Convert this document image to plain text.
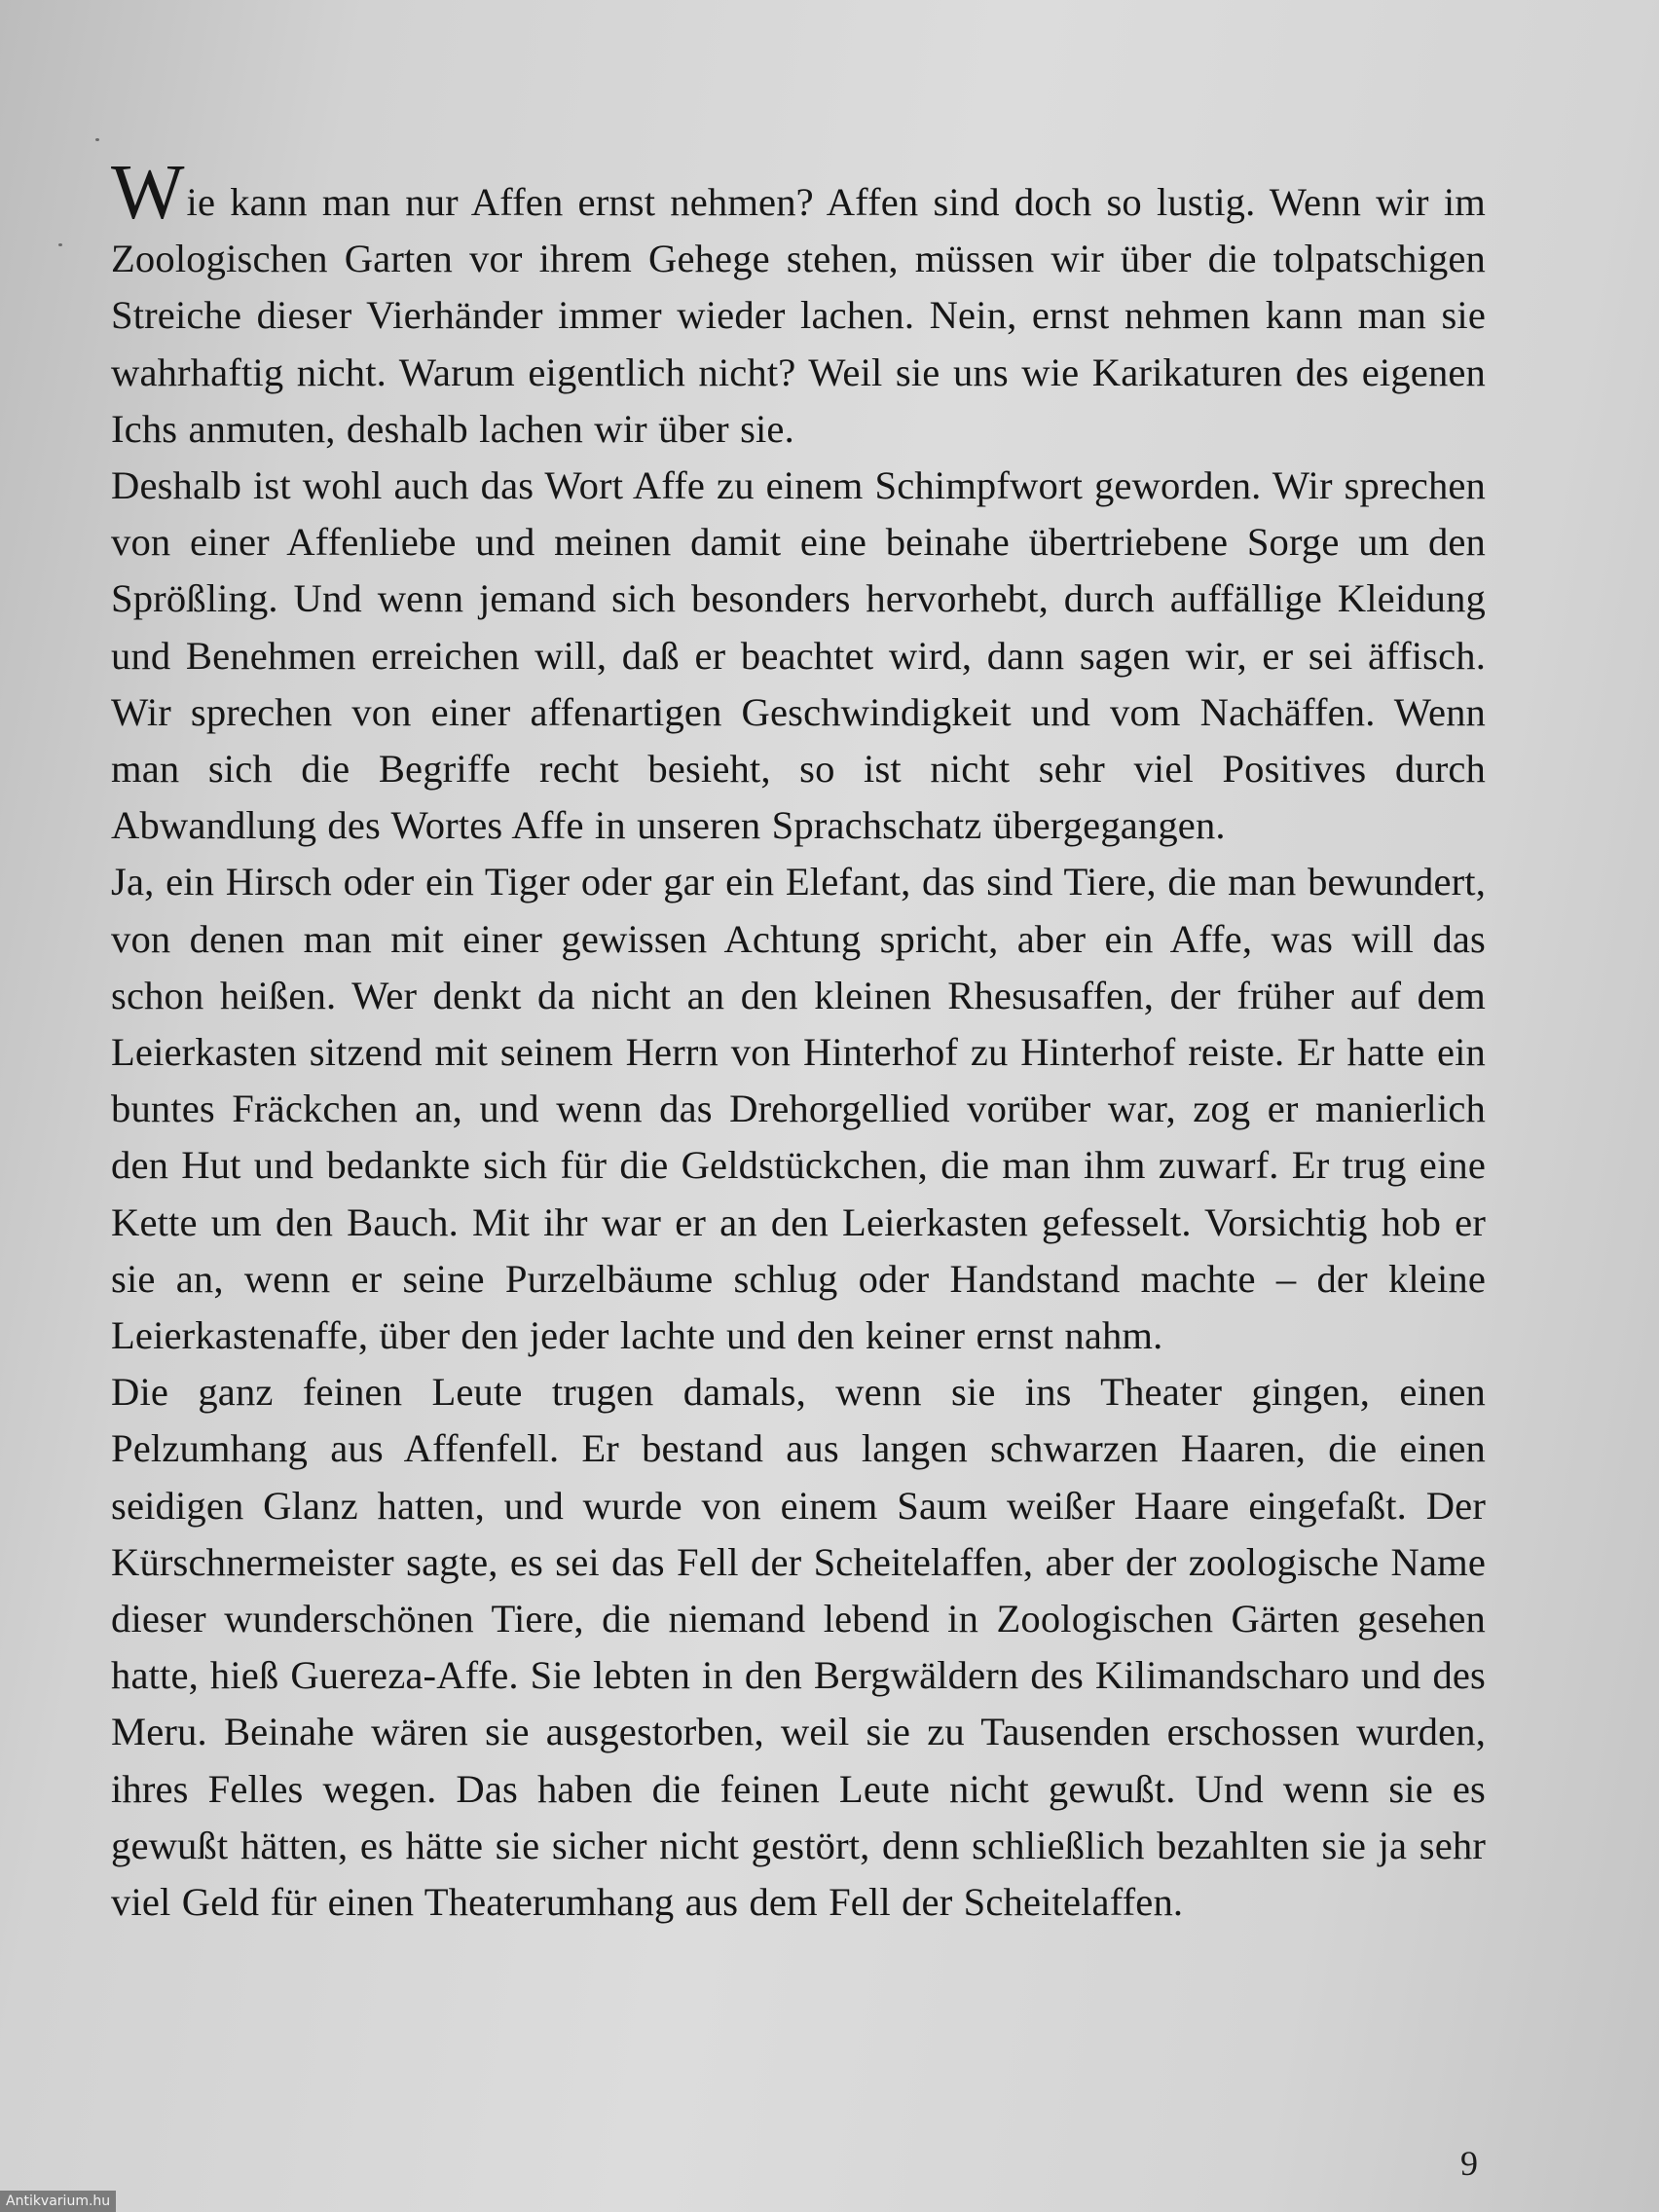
Wie kann man nur Affen ernst nehmen? Affen sind doch so lustig. Wenn wir im Zoologischen Garten vor ihrem Gehege stehen, müssen wir über die tolpatschigen Streiche dieser Vierhänder immer wieder lachen. Nein, ernst nehmen kann man sie wahrhaftig nicht. Warum eigentlich nicht? Weil sie uns wie Karikaturen des eigenen Ichs anmuten, deshalb lachen wir über sie.

Deshalb ist wohl auch das Wort Affe zu einem Schimpfwort geworden. Wir sprechen von einer Affenliebe und meinen damit eine beinahe übertriebene Sorge um den Sprößling. Und wenn jemand sich besonders hervorhebt, durch auffällige Kleidung und Benehmen erreichen will, daß er beachtet wird, dann sagen wir, er sei äffisch. Wir sprechen von einer affenartigen Geschwindigkeit und vom Nachäffen. Wenn man sich die Begriffe recht besieht, so ist nicht sehr viel Positives durch Abwandlung des Wortes Affe in unseren Sprachschatz übergegangen.

Ja, ein Hirsch oder ein Tiger oder gar ein Elefant, das sind Tiere, die man bewundert, von denen man mit einer gewissen Achtung spricht, aber ein Affe, was will das schon heißen. Wer denkt da nicht an den kleinen Rhesusaffen, der früher auf dem Leierkasten sitzend mit seinem Herrn von Hinterhof zu Hinterhof reiste. Er hatte ein buntes Fräckchen an, und wenn das Drehorgellied vorüber war, zog er manierlich den Hut und bedankte sich für die Geldstückchen, die man ihm zuwarf. Er trug eine Kette um den Bauch. Mit ihr war er an den Leierkasten gefesselt. Vorsichtig hob er sie an, wenn er seine Purzelbäume schlug oder Handstand machte – der kleine Leierkastenaffe, über den jeder lachte und den keiner ernst nahm.

Die ganz feinen Leute trugen damals, wenn sie ins Theater gingen, einen Pelzumhang aus Affenfell. Er bestand aus langen schwarzen Haaren, die einen seidigen Glanz hatten, und wurde von einem Saum weißer Haare eingefaßt. Der Kürschnermeister sagte, es sei das Fell der Scheitelaffen, aber der zoologische Name dieser wunderschönen Tiere, die niemand lebend in Zoologischen Gärten gesehen hatte, hieß Guereza-Affe. Sie lebten in den Bergwäldern des Kilimandscharo und des Meru. Beinahe wären sie ausgestorben, weil sie zu Tausenden erschossen wurden, ihres Felles wegen. Das haben die feinen Leute nicht gewußt. Und wenn sie es gewußt hätten, es hätte sie sicher nicht gestört, denn schließlich bezahlten sie ja sehr viel Geld für einen Theaterumhang aus dem Fell der Scheitelaffen.

9
Antikvarium.hu
